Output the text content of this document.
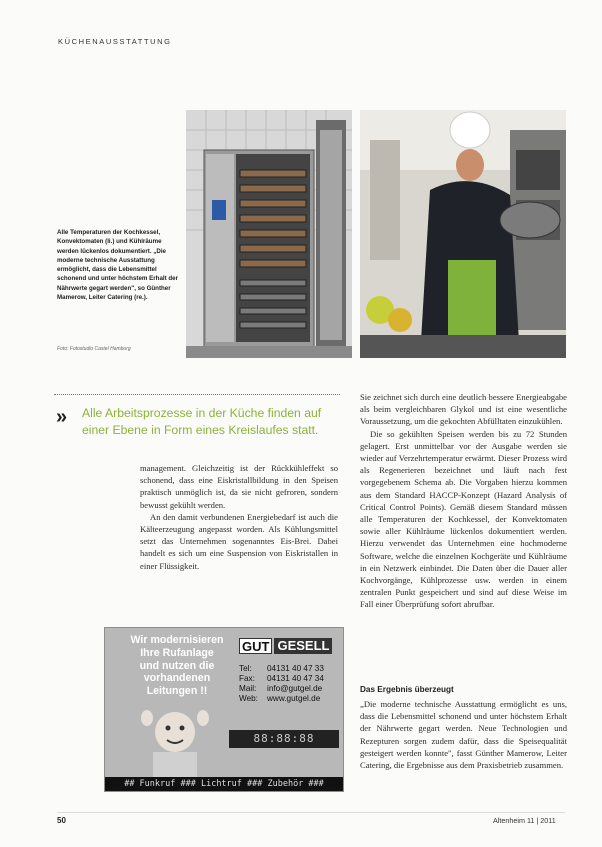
KÜCHENAUSSTATTUNG
Alle Temperaturen der Kochkessel, Konvektomaten (li.) und Kühlräume werden lückenlos dokumentiert. „Die moderne technische Ausstattung ermöglicht, dass die Lebensmittel schonend und unter höchstem Erhalt der Nährwerte gegart werden", so Günther Mamerow, Leiter Catering (re.).
Foto: Fotostudio Castel Hamburg
» Alle Arbeitsprozesse in der Küche finden auf einer Ebene in Form eines Kreislaufes statt.

management. Gleichzeitig ist der Rückkühleffekt so schonend, dass eine Eiskristallbildung in den Speisen praktisch unmöglich ist, da sie nicht gefroren, sondern bewusst gekühlt werden.

An den damit verbundenen Energiebedarf ist auch die Kälteerzeugung angepasst worden. Als Kühlungsmittel setzt das Unternehmen sogenanntes Eis-Brei. Dabei handelt es sich um eine Suspension von Eiskristallen in einer Flüssigkeit.

Sie zeichnet sich durch eine deutlich bessere Energieabgabe als beim vergleichbaren Glykol und ist eine wesentliche Voraussetzung, um die gekochten Abfülltaten einzukühlen.

Die so gekühlten Speisen werden bis zu 72 Stunden gelagert. Erst unmittelbar vor der Ausgabe werden sie wieder auf Verzehrtemperatur erwärmt. Dieser Prozess wird als Regenerieren bezeichnet und läuft nach fest vorgegebenem Schema ab. Die Vorgaben hierzu kommen aus dem Standard HACCP-Konzept (Hazard Analysis of Critical Control Points). Gemäß diesem Standard müssen alle Temperaturen der Kochkessel, der Konvektomaten sowie aller Kühlräume lückenlos dokumentiert werden. Hierzu verwendet das Unternehmen eine hochmoderne Software, welche die einzelnen Kochgeräte und Kühlräume in ein Netzwerk einbindet. Die Daten über die Dauer aller Kochvorgänge, Kühlprozesse usw. werden in einem zentralen Punkt gespeichert und sind auf diese Weise im Fall einer Überprüfung sofort abrufbar.

Das Ergebnis überzeugt

„Die moderne technische Ausstattung ermöglicht es uns, dass die Lebensmittel schonend und unter höchstem Erhalt der Nährwerte gegart werden. Neue Technologien und Rezepturen sorgen zudem dafür, dass die Speisequalität gesteigert werden konnte", fasst Günther Mamerow, Leiter Catering, die Ergebnisse aus dem Praxisbetrieb zusammen.

Wir modernisieren
Ihre Rufanlage
und nutzen die
vorhandenen
Leitungen !!
GUT GESELL
Tel:	04131 40 47 33
Fax:	04131 40 47 34
Mail:	info@gutgel.de
Web:	www.gutgel.de
88:88:88
## Funkruf ### Lichtruf ### Zubehör ###
50	Altenheim 11 | 2011
